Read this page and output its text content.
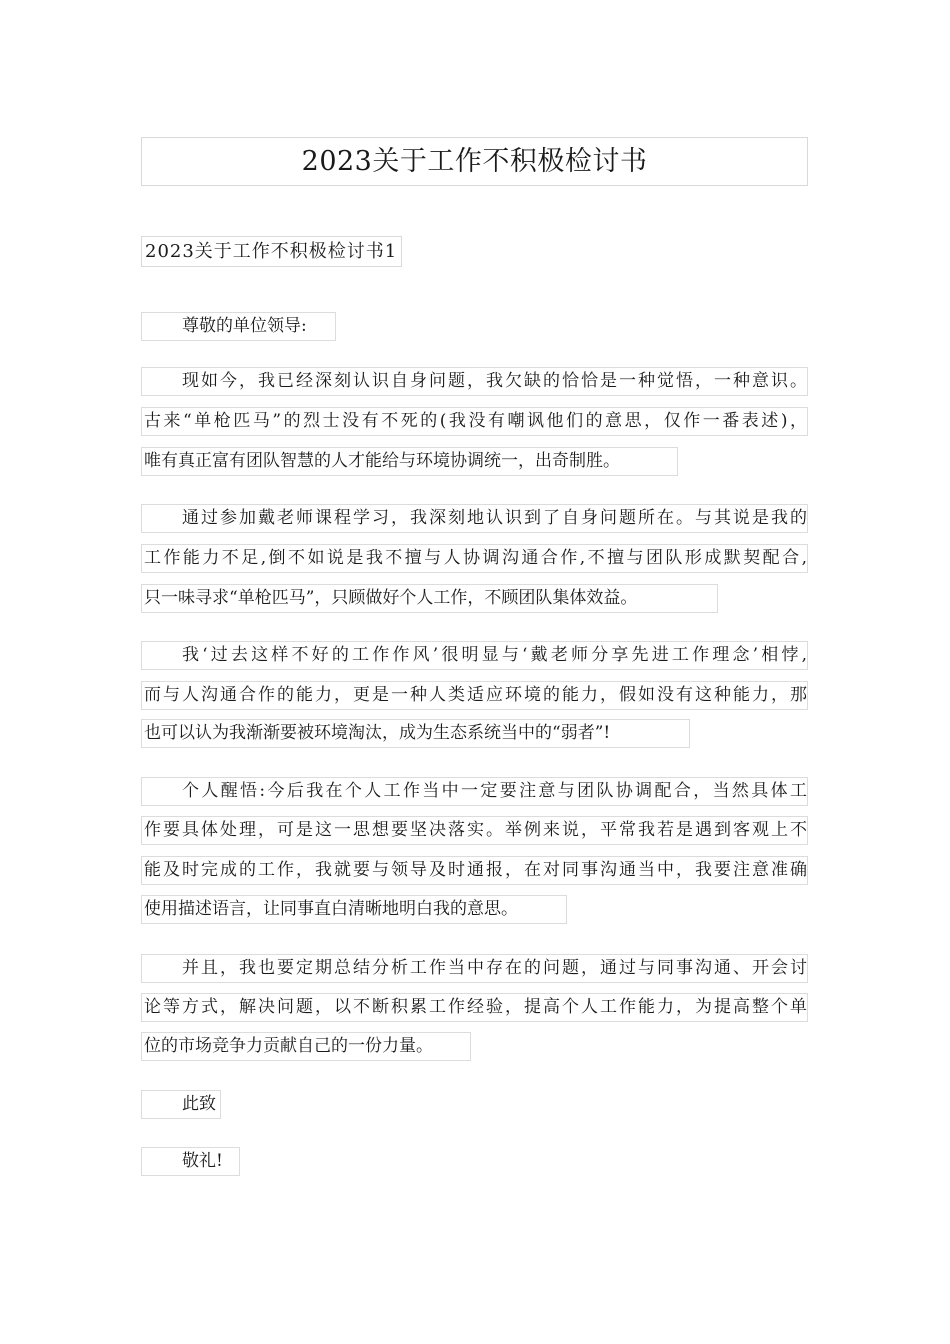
2023关于工作不积极检讨书
2023关于工作不积极检讨书1
尊敬的单位领导:
现如今，我已经深刻认识自身问题，我欠缺的恰恰是一种觉悟，一种意识。
古来“单枪匹马”的烈士没有不死的(我没有嘲讽他们的意思，仅作一番表述)，
唯有真正富有团队智慧的人才能给与环境协调统一，出奇制胜。
通过参加戴老师课程学习，我深刻地认识到了自身问题所在。与其说是我的
工作能力不足,倒不如说是我不擅与人协调沟通合作,不擅与团队形成默契配合,
只一味寻求“单枪匹马”，只顾做好个人工作，不顾团队集体效益。
我‘过去这样不好的工作作风’很明显与‘戴老师分享先进工作理念’相悖,
而与人沟通合作的能力，更是一种人类适应环境的能力，假如没有这种能力，那
也可以认为我渐渐要被环境淘汰，成为生态系统当中的“弱者”!
个人醒悟:今后我在个人工作当中一定要注意与团队协调配合，当然具体工
作要具体处理，可是这一思想要坚决落实。举例来说，平常我若是遇到客观上不
能及时完成的工作，我就要与领导及时通报，在对同事沟通当中，我要注意准确
使用描述语言，让同事直白清晰地明白我的意思。
并且，我也要定期总结分析工作当中存在的问题，通过与同事沟通、开会讨
论等方式，解决问题，以不断积累工作经验，提高个人工作能力，为提高整个单
位的市场竞争力贡献自己的一份力量。
此致
敬礼!
